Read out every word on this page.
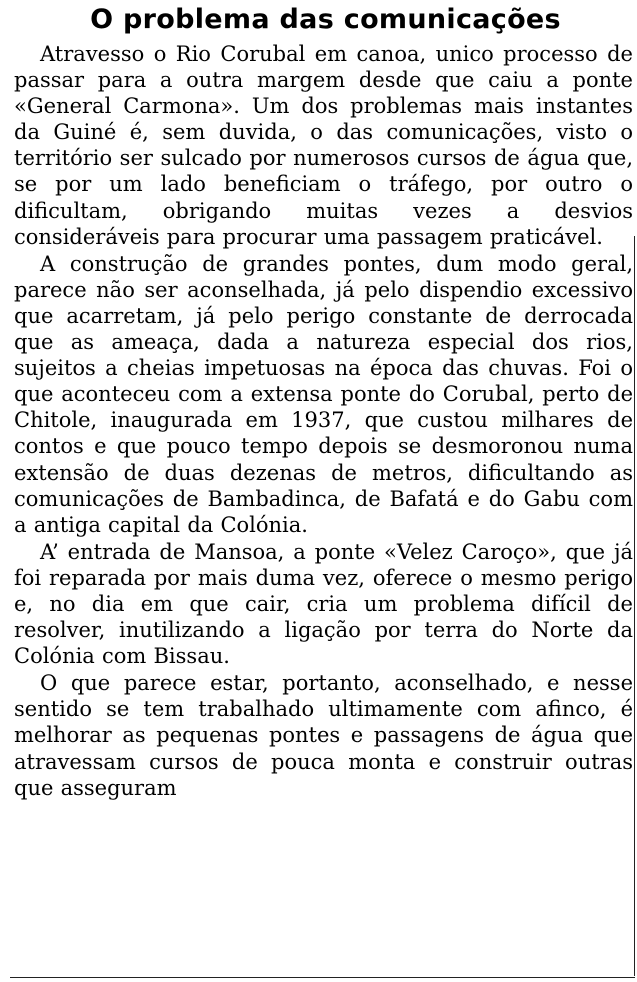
O problema das comunicações

Atravesso o Rio Corubal em canoa, unico processo de passar para a outra margem desde que caiu a ponte «General Carmona». Um dos problemas mais instantes da Guiné é, sem duvida, o das comunicações, visto o território ser sulcado por numerosos cursos de água que, se por um lado beneficiam o tráfego, por outro o dificultam, obrigando muitas vezes a desvios consideráveis para procurar uma passagem praticável.

A construção de grandes pontes, dum modo geral, parece não ser aconselhada, já pelo dispendio excessivo que acarretam, já pelo perigo constante de derrocada que as ameaça, dada a natureza especial dos rios, sujeitos a cheias impetuosas na época das chuvas. Foi o que aconteceu com a extensa ponte do Corubal, perto de Chitole, inaugurada em 1937, que custou milhares de contos e que pouco tempo depois se desmoronou numa extensão de duas dezenas de metros, dificultando as comunicações de Bambadinca, de Bafatá e do Gabu com a antiga capital da Colónia.

A’ entrada de Mansoa, a ponte «Velez Caroço», que já foi reparada por mais duma vez, oferece o mesmo perigo e, no dia em que cair, cria um problema difícil de resolver, inutilizando a ligação por terra do Norte da Colónia com Bissau.

O que parece estar, portanto, aconselhado, e nesse sentido se tem trabalhado ultimamente com afinco, é melhorar as pequenas pontes e passagens de água que atravessam cursos de pouca monta e construir outras que asseguram
